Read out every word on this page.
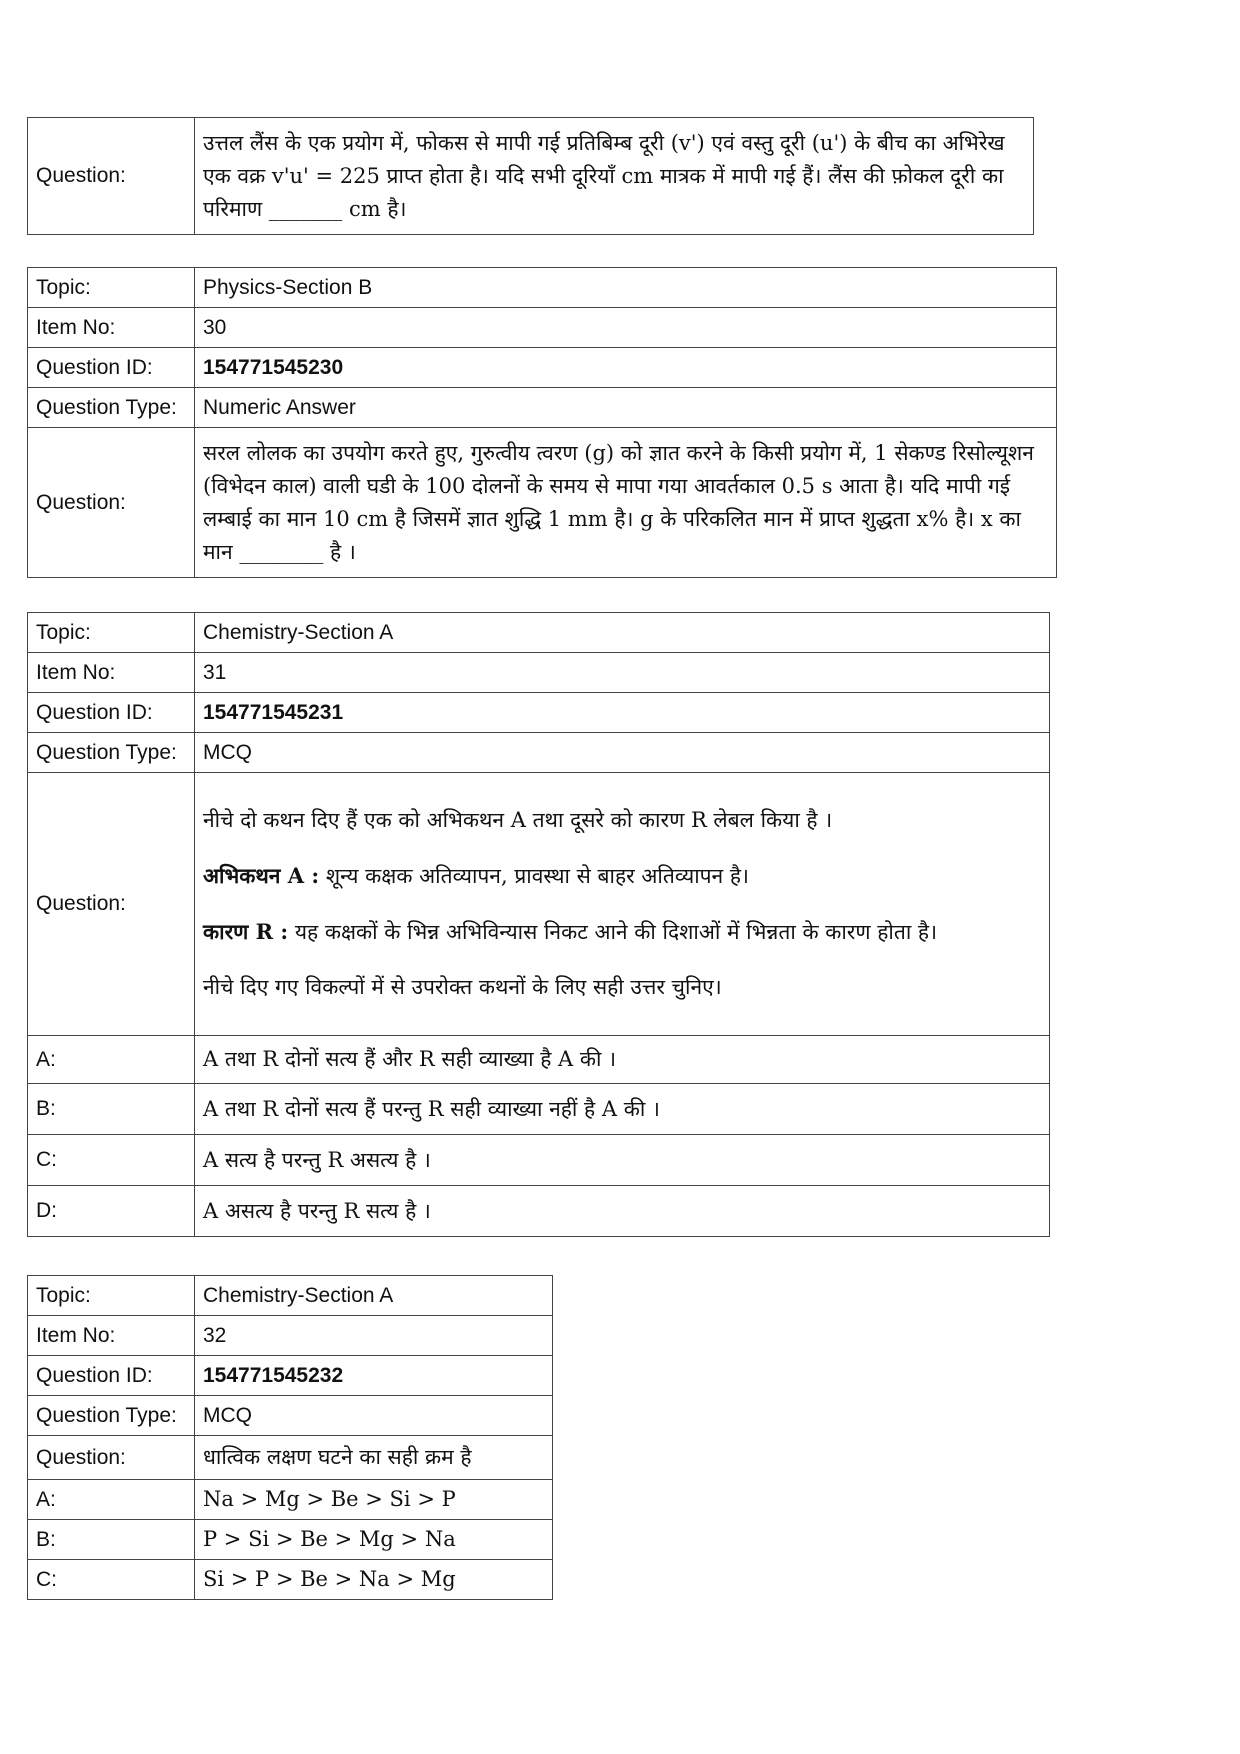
Question:	उत्तल लैंस के एक प्रयोग में, फोकस से मापी गई प्रतिबिम्ब दूरी (v') एवं वस्तु दूरी (u') के बीच का अभिरेख एक वक्र v'u' = 225 प्राप्त होता है। यदि सभी दूरियाँ cm मात्रक में मापी गई हैं। लैंस की फ़ोकल दूरी का परिमाण _______ cm है।
Topic:	Physics-Section B
Item No:	30
Question ID:	154771545230
Question Type:	Numeric Answer
Question:	सरल लोलक का उपयोग करते हुए, गुरुत्वीय त्वरण (g) को ज्ञात करने के किसी प्रयोग में, 1 सेकण्ड रिसोल्यूशन (विभेदन काल) वाली घडी के 100 दोलनों के समय से मापा गया आवर्तकाल 0.5 s आता है। यदि मापी गई लम्बाई का मान 10 cm है जिसमें ज्ञात शुद्धि 1 mm है। g के परिकलित मान में प्राप्त शुद्धता x% है। x का मान ________ है ।
Topic:	Chemistry-Section A
Item No:	31
Question ID:	154771545231
Question Type:	MCQ
Question:	नीचे दो कथन दिए हैं एक को अभिकथन A तथा दूसरे को कारण R लेबल किया है ।

अभिकथन A : शून्य कक्षक अतिव्यापन, प्रावस्था से बाहर अतिव्यापन है।

कारण R : यह कक्षकों के भिन्न अभिविन्यास निकट आने की दिशाओं में भिन्नता के कारण होता है।

नीचे दिए गए विकल्पों में से उपरोक्त कथनों के लिए सही उत्तर चुनिए।

A:	A तथा R दोनों सत्य हैं और R सही व्याख्या है A की ।
B:	A तथा R दोनों सत्य हैं परन्तु R सही व्याख्या नहीं है A की ।
C:	A सत्य है परन्तु R असत्य है ।
D:	A असत्य है परन्तु R सत्य है ।
Topic:	Chemistry-Section A
Item No:	32
Question ID:	154771545232
Question Type:	MCQ
Question:	धात्विक लक्षण घटने का सही क्रम है
A:	Na > Mg > Be > Si > P
B:	P > Si > Be > Mg > Na
C:	Si > P > Be > Na > Mg
